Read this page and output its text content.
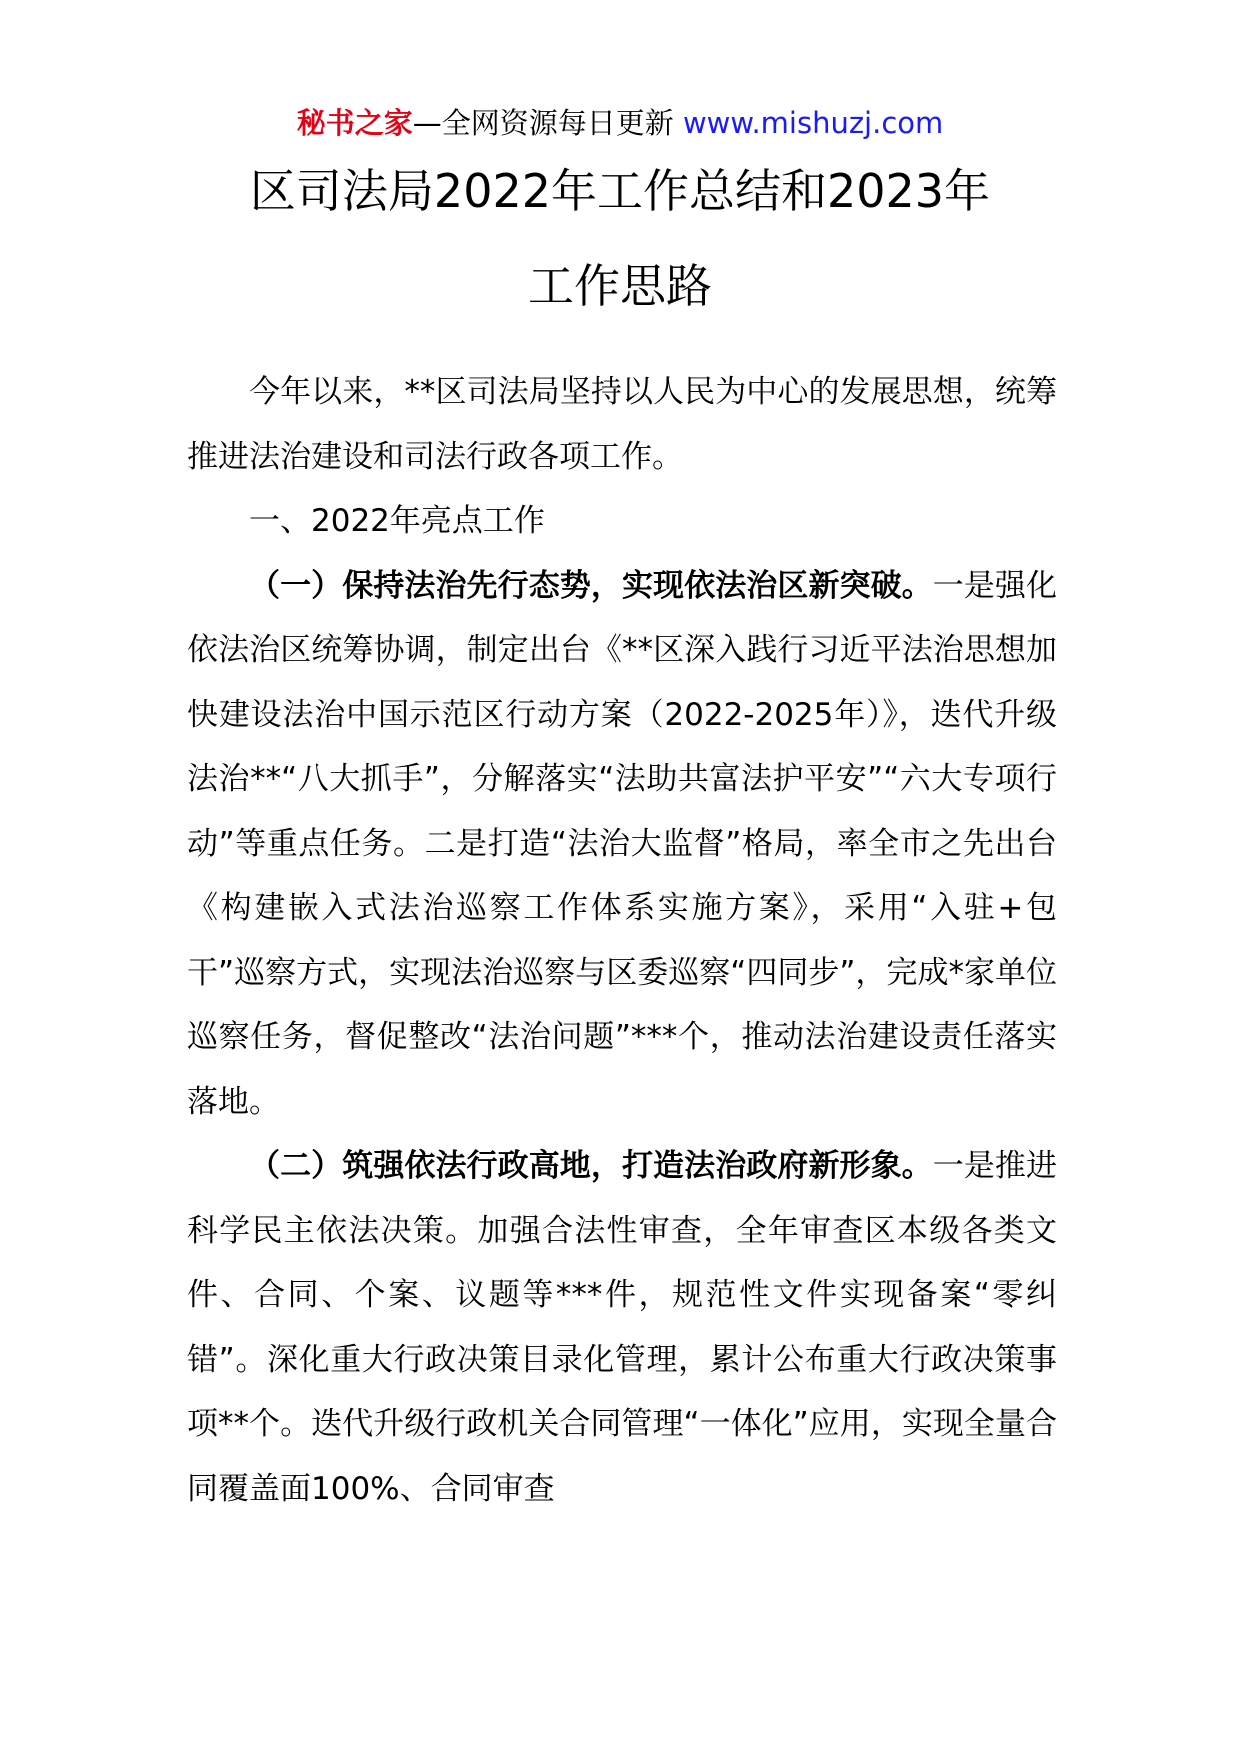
秘书之家—全网资源每日更新 www.mishuzj.com
区司法局2022年工作总结和2023年
工作思路

今年以来，**区司法局坚持以人民为中心的发展思想，统筹推进法治建设和司法行政各项工作。

一、2022年亮点工作

（一）保持法治先行态势，实现依法治区新突破。一是强化依法治区统筹协调，制定出台《**区深入践行习近平法治思想加快建设法治中国示范区行动方案（2022-2025年）》，迭代升级法治**“八大抓手”，分解落实“法助共富法护平安”“六大专项行动”等重点任务。二是打造“法治大监督”格局，率全市之先出台《构建嵌入式法治巡察工作体系实施方案》，采用“入驻+包干”巡察方式，实现法治巡察与区委巡察“四同步”，完成*家单位巡察任务，督促整改“法治问题”***个，推动法治建设责任落实落地。

（二）筑强依法行政高地，打造法治政府新形象。一是推进科学民主依法决策。加强合法性审查，全年审查区本级各类文件、合同、个案、议题等***件，规范性文件实现备案“零纠错”。深化重大行政决策目录化管理，累计公布重大行政决策事项**个。迭代升级行政机关合同管理“一体化”应用，实现全量合同覆盖面100%、合同审查
